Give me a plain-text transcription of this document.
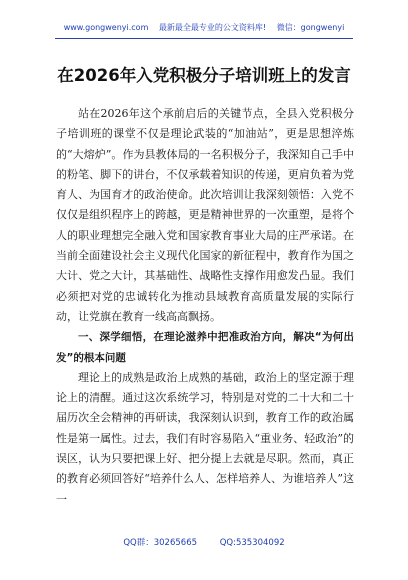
www.gongwenyi.com 最新最全最专业的公文资料库! 微信：gongwenyi
在2026年入党积极分子培训班上的发言

站在2026年这个承前启后的关键节点，全县入党积极分子培训班的课堂不仅是理论武装的“加油站”，更是思想淬炼的“大熔炉”。作为县教体局的一名积极分子，我深知自己手中的粉笔、脚下的讲台，不仅承载着知识的传递，更肩负着为党育人、为国育才的政治使命。此次培训让我深刻领悟：入党不仅仅是组织程序上的跨越，更是精神世界的一次重塑，是将个人的职业理想完全融入党和国家教育事业大局的庄严承诺。在当前全面建设社会主义现代化国家的新征程中，教育作为国之大计、党之大计，其基础性、战略性支撑作用愈发凸显。我们必须把对党的忠诚转化为推动县域教育高质量发展的实际行动，让党旗在教育一线高高飘扬。

一、深学细悟，在理论滋养中把准政治方向，解决“为何出发”的根本问题

理论上的成熟是政治上成熟的基础，政治上的坚定源于理论上的清醒。通过这次系统学习，特别是对党的二十大和二十届历次全会精神的再研读，我深刻认识到，教育工作的政治属性是第一属性。过去，我们有时容易陷入“重业务、轻政治”的误区，认为只要把课上好、把分提上去就是尽职。然而，真正的教育必须回答好“培养什么人、怎样培养人、为谁培养人”这一

QQ群：30265665	QQ:535304092
